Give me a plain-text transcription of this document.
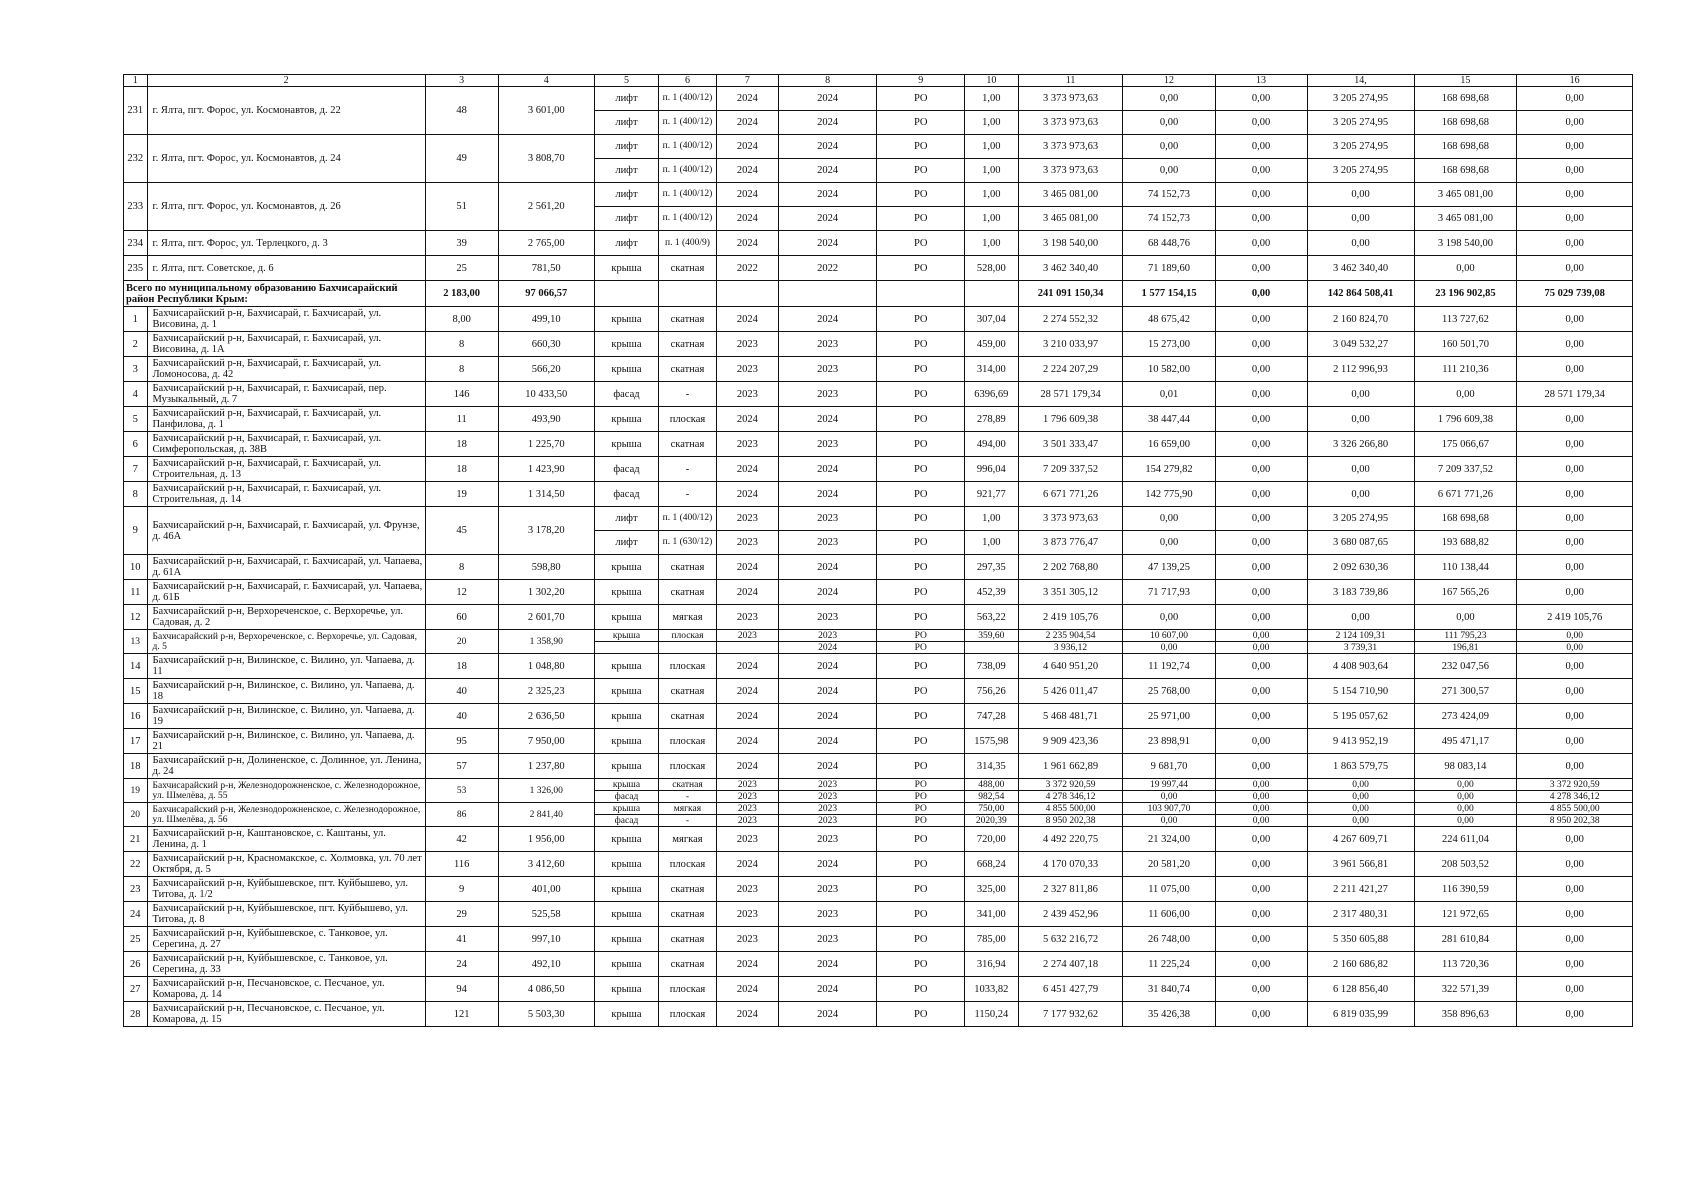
1	2	3	4	5	6	7	8	9	10	11	12	13	14,	15	16
231	г. Ялта, пгт. Форос, ул. Космонавтов, д. 22	48	3 601,00	лифт	п. 1 (400/12)	2024	2024	РО	1,00	3 373 973,63	0,00	0,00	3 205 274,95	168 698,68	0,00
				лифт	п. 1 (400/12)	2024	2024	РО	1,00	3 373 973,63	0,00	0,00	3 205 274,95	168 698,68	0,00
232	г. Ялта, пгт. Форос, ул. Космонавтов, д. 24	49	3 808,70	лифт	п. 1 (400/12)	2024	2024	РО	1,00	3 373 973,63	0,00	0,00	3 205 274,95	168 698,68	0,00
				лифт	п. 1 (400/12)	2024	2024	РО	1,00	3 373 973,63	0,00	0,00	3 205 274,95	168 698,68	0,00
233	г. Ялта, пгт. Форос, ул. Космонавтов, д. 26	51	2 561,20	лифт	п. 1 (400/12)	2024	2024	РО	1,00	3 465 081,00	74 152,73	0,00	0,00	3 465 081,00	0,00
				лифт	п. 1 (400/12)	2024	2024	РО	1,00	3 465 081,00	74 152,73	0,00	0,00	3 465 081,00	0,00
234	г. Ялта, пгт. Форос, ул. Терлецкого, д. 3	39	2 765,00	лифт	п. 1 (400/9)	2024	2024	РО	1,00	3 198 540,00	68 448,76	0,00	0,00	3 198 540,00	0,00
235	г. Ялта, пгт. Советское, д. 6	25	781,50	крыша	скатная	2022	2022	РО	528,00	3 462 340,40	71 189,60	0,00	3 462 340,40	0,00	0,00
Всего по муниципальному образованию Бахчисарайский район Республики Крым:		2 183,00	97 066,57							241 091 150,34	1 577 154,15	0,00	142 864 508,41	23 196 902,85	75 029 739,08
1	Бахчисарайский р-н, Бахчисарай, г. Бахчисарай, ул. Висовина, д. 1	8,00	499,10	крыша	скатная	2024	2024	РО	307,04	2 274 552,32	48 675,42	0,00	2 160 824,70	113 727,62	0,00
2	Бахчисарайский р-н, Бахчисарай, г. Бахчисарай, ул. Висовина, д. 1А	8	660,30	крыша	скатная	2023	2023	РО	459,00	3 210 033,97	15 273,00	0,00	3 049 532,27	160 501,70	0,00
3	Бахчисарайский р-н, Бахчисарай, г. Бахчисарай, ул. Ломоносова, д. 42	8	566,20	крыша	скатная	2023	2023	РО	314,00	2 224 207,29	10 582,00	0,00	2 112 996,93	111 210,36	0,00
4	Бахчисарайский р-н, Бахчисарай, г. Бахчисарай, пер. Музыкальный, д. 7	146	10 433,50	фасад	-	2023	2023	РО	6396,69	28 571 179,34	0,01	0,00	0,00	0,00	28 571 179,34
5	Бахчисарайский р-н, Бахчисарай, г. Бахчисарай, ул. Панфилова, д. 1	11	493,90	крыша	плоская	2024	2024	РО	278,89	1 796 609,38	38 447,44	0,00	0,00	1 796 609,38	0,00
6	Бахчисарайский р-н, Бахчисарай, г. Бахчисарай, ул. Симферопольская, д. 38В	18	1 225,70	крыша	скатная	2023	2023	РО	494,00	3 501 333,47	16 659,00	0,00	3 326 266,80	175 066,67	0,00
7	Бахчисарайский р-н, Бахчисарай, г. Бахчисарай, ул. Строительная, д. 13	18	1 423,90	фасад	-	2024	2024	РО	996,04	7 209 337,52	154 279,82	0,00	0,00	7 209 337,52	0,00
8	Бахчисарайский р-н, Бахчисарай, г. Бахчисарай, ул. Строительная, д. 14	19	1 314,50	фасад	-	2024	2024	РО	921,77	6 671 771,26	142 775,90	0,00	0,00	6 671 771,26	0,00
9	Бахчисарайский р-н, Бахчисарай, г. Бахчисарай, ул. Фрунзе, д. 46А	45	3 178,20	лифт	п. 1 (400/12)	2023	2023	РО	1,00	3 373 973,63	0,00	0,00	3 205 274,95	168 698,68	0,00
				лифт	п. 1 (630/12)	2023	2023	РО	1,00	3 873 776,47	0,00	0,00	3 680 087,65	193 688,82	0,00
10	Бахчисарайский р-н, Бахчисарай, г. Бахчисарай, ул. Чапаева, д. 61А	8	598,80	крыша	скатная	2024	2024	РО	297,35	2 202 768,80	47 139,25	0,00	2 092 630,36	110 138,44	0,00
11	Бахчисарайский р-н, Бахчисарай, г. Бахчисарай, ул. Чапаева, д. 61Б	12	1 302,20	крыша	скатная	2024	2024	РО	452,39	3 351 305,12	71 717,93	0,00	3 183 739,86	167 565,26	0,00
12	Бахчисарайский р-н, Верхореченское, с. Верхоречье, ул. Садовая, д. 2	60	2 601,70	крыша	мягкая	2023	2023	РО	563,22	2 419 105,76	0,00	0,00	0,00	0,00	2 419 105,76
13	Бахчисарайский р-н, Верхореченское, с. Верхоречье, ул. Садовая, д. 5	20	1 358,90	крыша	плоская	2023	2023	РО	359,60	2 235 904,54	10 607,00	0,00	2 124 109,31	111 795,23	0,00
							2024	РО		3 936,12	0,00	0,00	3 739,31	196,81	0,00
14	Бахчисарайский р-н, Вилинское, с. Вилино, ул. Чапаева, д. 11	18	1 048,80	крыша	плоская	2024	2024	РО	738,09	4 640 951,20	11 192,74	0,00	4 408 903,64	232 047,56	0,00
15	Бахчисарайский р-н, Вилинское, с. Вилино, ул. Чапаева, д. 18	40	2 325,23	крыша	скатная	2024	2024	РО	756,26	5 426 011,47	25 768,00	0,00	5 154 710,90	271 300,57	0,00
16	Бахчисарайский р-н, Вилинское, с. Вилино, ул. Чапаева, д. 19	40	2 636,50	крыша	скатная	2024	2024	РО	747,28	5 468 481,71	25 971,00	0,00	5 195 057,62	273 424,09	0,00
17	Бахчисарайский р-н, Вилинское, с. Вилино, ул. Чапаева, д. 21	95	7 950,00	крыша	плоская	2024	2024	РО	1575,98	9 909 423,36	23 898,91	0,00	9 413 952,19	495 471,17	0,00
18	Бахчисарайский р-н, Долиненское, с. Долинное, ул. Ленина, д. 24	57	1 237,80	крыша	плоская	2024	2024	РО	314,35	1 961 662,89	9 681,70	0,00	1 863 579,75	98 083,14	0,00
19	Бахчисарайский р-н, Железнодорожненское, с. Железнодорожное, ул. Шмелёва, д. 55	53	1 326,00	крыша	скатная	2023	2023	РО	488,00	3 372 920,59	19 997,44	0,00	0,00	0,00	3 372 920,59
				фасад	-	2023	2023	РО	982,54	4 278 346,12	0,00	0,00	0,00	0,00	4 278 346,12
20	Бахчисарайский р-н, Железнодорожненское, с. Железнодорожное, ул. Шмелёва, д. 56	86	2 841,40	крыша	мягкая	2023	2023	РО	750,00	4 855 500,00	103 907,70	0,00	0,00	0,00	4 855 500,00
				фасад	-	2023	2023	РО	2020,39	8 950 202,38	0,00	0,00	0,00	0,00	8 950 202,38
21	Бахчисарайский р-н, Каштановское, с. Каштаны, ул. Ленина, д. 1	42	1 956,00	крыша	мягкая	2023	2023	РО	720,00	4 492 220,75	21 324,00	0,00	4 267 609,71	224 611,04	0,00
22	Бахчисарайский р-н, Красномакское, с. Холмовка, ул. 70 лет Октября, д. 5	116	3 412,60	крыша	плоская	2024	2024	РО	668,24	4 170 070,33	20 581,20	0,00	3 961 566,81	208 503,52	0,00
23	Бахчисарайский р-н, Куйбышевское, пгт. Куйбышево, ул. Титова, д. 1/2	9	401,00	крыша	скатная	2023	2023	РО	325,00	2 327 811,86	11 075,00	0,00	2 211 421,27	116 390,59	0,00
24	Бахчисарайский р-н, Куйбышевское, пгт. Куйбышево, ул. Титова, д. 8	29	525,58	крыша	скатная	2023	2023	РО	341,00	2 439 452,96	11 606,00	0,00	2 317 480,31	121 972,65	0,00
25	Бахчисарайский р-н, Куйбышевское, с. Танковое, ул. Серегина, д. 27	41	997,10	крыша	скатная	2023	2023	РО	785,00	5 632 216,72	26 748,00	0,00	5 350 605,88	281 610,84	0,00
26	Бахчисарайский р-н, Куйбышевское, с. Танковое, ул. Серегина, д. 33	24	492,10	крыша	скатная	2024	2024	РО	316,94	2 274 407,18	11 225,24	0,00	2 160 686,82	113 720,36	0,00
27	Бахчисарайский р-н, Песчановское, с. Песчаное, ул. Комарова, д. 14	94	4 086,50	крыша	плоская	2024	2024	РО	1033,82	6 451 427,79	31 840,74	0,00	6 128 856,40	322 571,39	0,00
28	Бахчисарайский р-н, Песчановское, с. Песчаное, ул. Комарова, д. 15	121	5 503,30	крыша	плоская	2024	2024	РО	1150,24	7 177 932,62	35 426,38	0,00	6 819 035,99	358 896,63	0,00
